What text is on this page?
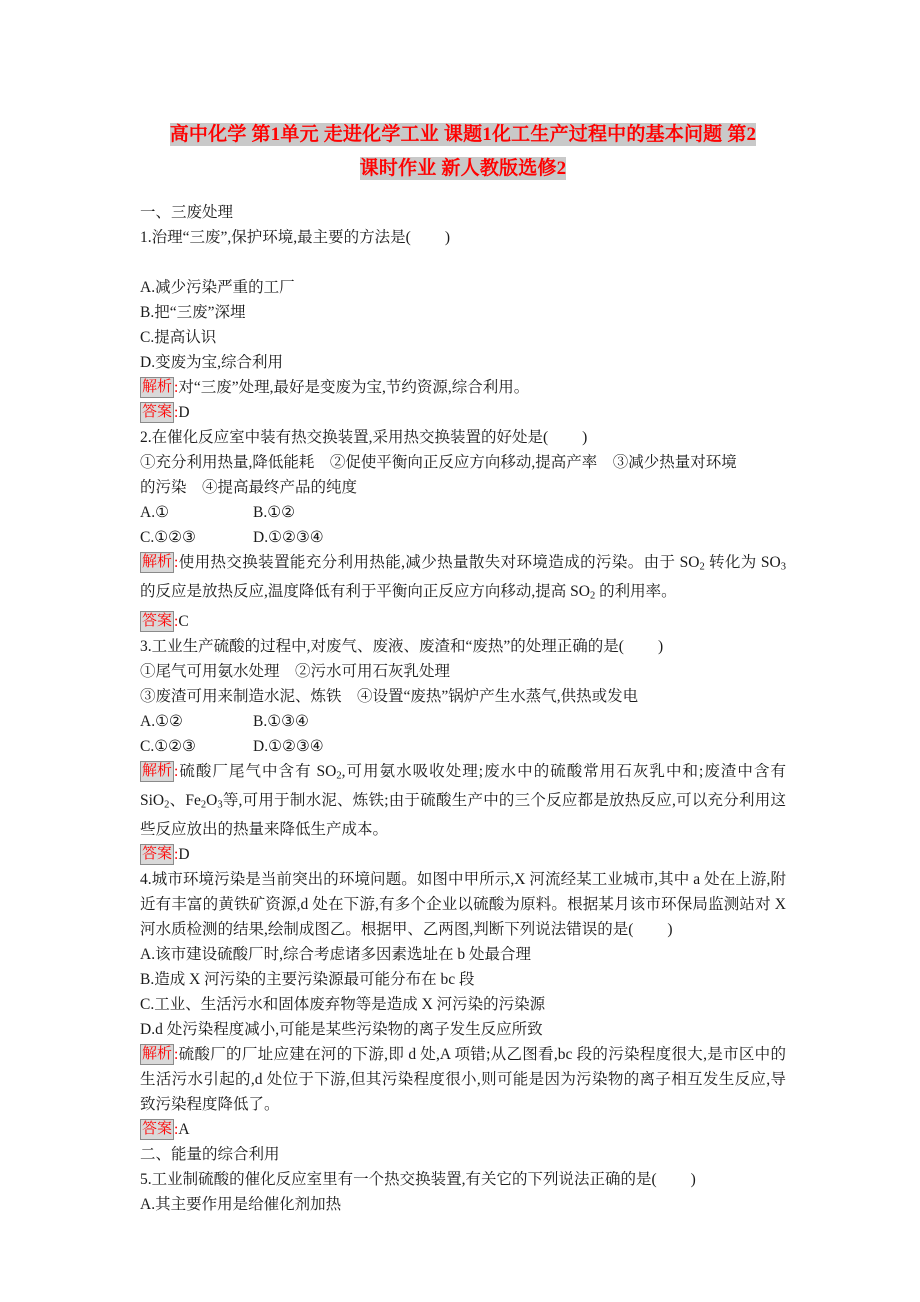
高中化学 第1单元 走进化学工业 课题1化工生产过程中的基本问题 第2
课时作业 新人教版选修2

一、三废处理

1.治理“三废”,保护环境,最主要的方法是( )

A.减少污染严重的工厂

B.把“三废”深埋

C.提高认识

D.变废为宝,综合利用

解析 :对“三废”处理,最好是变废为宝,节约资源,综合利用。

答案 :D

2.在催化反应室中装有热交换装置,采用热交换装置的好处是( )

①充分利用热量,降低能耗　②促使平衡向正反应方向移动,提高产率　③减少热量对环境

的污染　④提高最终产品的纯度

A.①	B.①②
C.①②③	D.①②③④

解析 :使用热交换装置能充分利用热能,减少热量散失对环境造成的污染。由于 $SO_2$ 转化为 $SO_3$ 的反应是放热反应,温度降低有利于平衡向正反应方向移动,提高 $SO_2$ 的利用率。

答案 :C

3.工业生产硫酸的过程中,对废气、废液、废渣和“废热”的处理正确的是( )

①尾气可用氨水处理　②污水可用石灰乳处理

③废渣可用来制造水泥、炼铁　④设置“废热”锅炉产生水蒸气,供热或发电

A.①②	B.①③④
C.①②③	D.①②③④

解析 :硫酸厂尾气中含有 $SO_2$,可用氨水吸收处理;废水中的硫酸常用石灰乳中和;废渣中含有 SiO$_2$、$Fe_2O_3$等,可用于制水泥、炼铁;由于硫酸生产中的三个反应都是放热反应,可以充分利用这些反应放出的热量来降低生产成本。

答案 :D

4.城市环境污染是当前突出的环境问题。如图中甲所示,X 河流经某工业城市,其中 a 处在上游,附近有丰富的黄铁矿资源,d 处在下游,有多个企业以硫酸为原料。根据某月该市环保局监测站对 X 河水质检测的结果,绘制成图乙。根据甲、乙两图,判断下列说法错误的是( )

A.该市建设硫酸厂时,综合考虑诸多因素选址在 b 处最合理

B.造成 X 河污染的主要污染源最可能分布在 bc 段

C.工业、生活污水和固体废弃物等是造成 X 河污染的污染源

D.d 处污染程度减小,可能是某些污染物的离子发生反应所致

解析 :硫酸厂的厂址应建在河的下游,即 d 处,A 项错;从乙图看,bc 段的污染程度很大,是市区中的生活污水引起的,d 处位于下游,但其污染程度很小,则可能是因为污染物的离子相互发生反应,导致污染程度降低了。

答案 :A

二、能量的综合利用

5.工业制硫酸的催化反应室里有一个热交换装置,有关它的下列说法正确的是( )

A.其主要作用是给催化剂加热
